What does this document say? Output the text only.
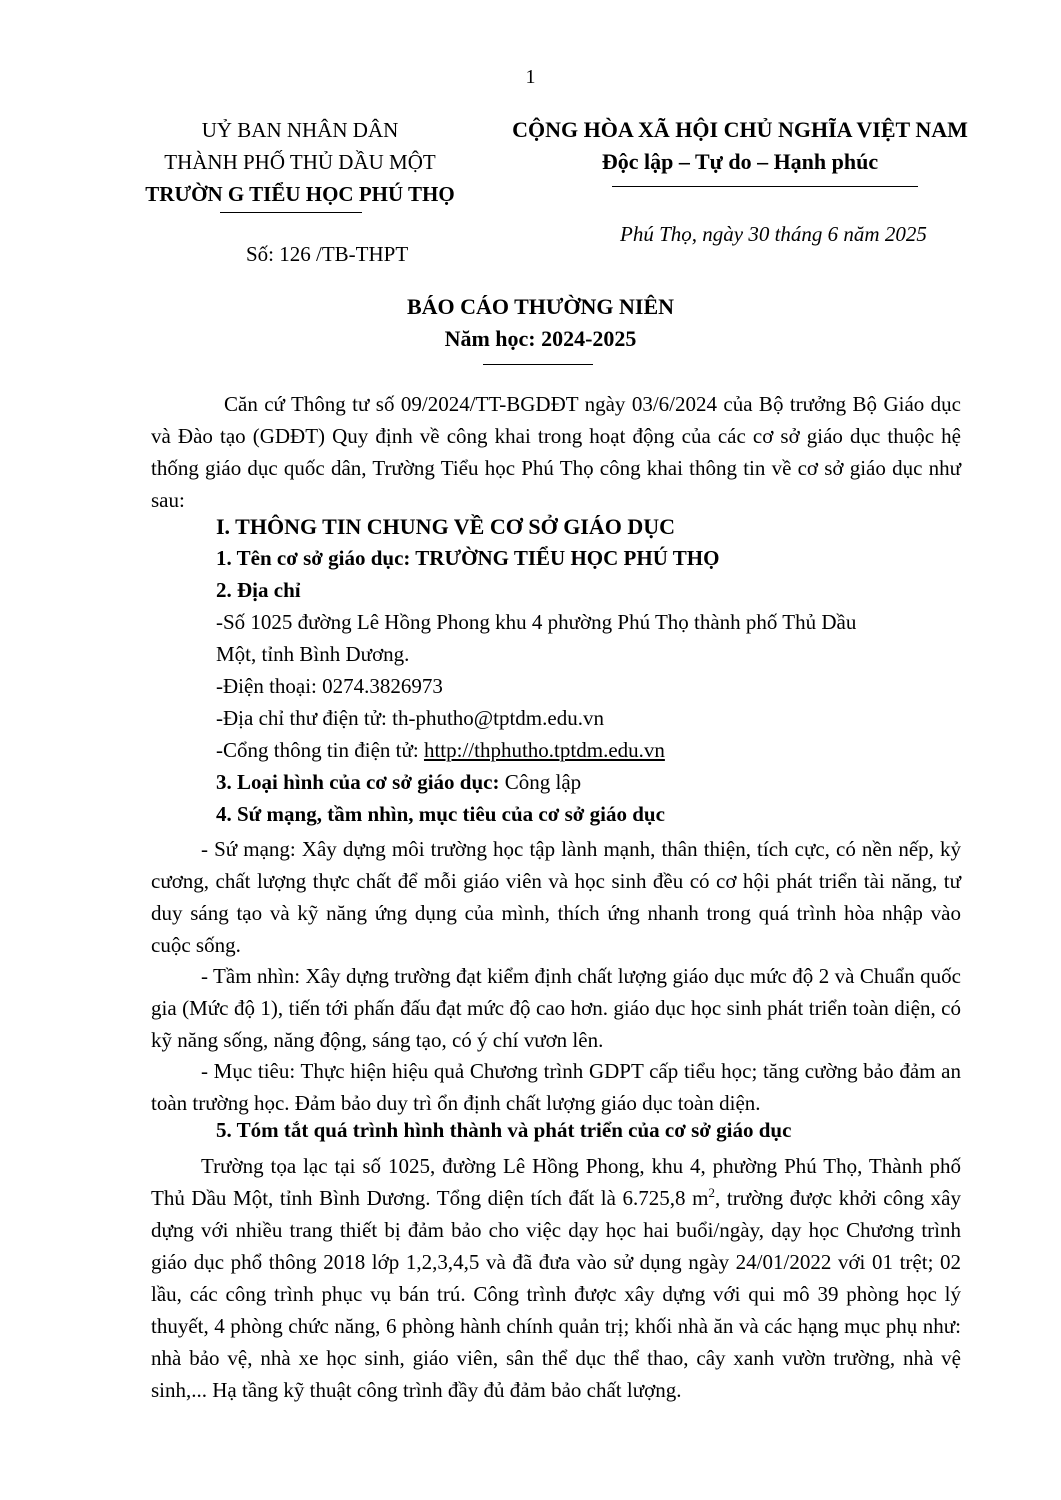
1
UỶ BAN NHÂN DÂN
THÀNH PHỐ THỦ DẦU MỘT
TRƯỜN G TIỂU HỌC PHÚ THỌ
CỘNG HÒA XÃ HỘI CHỦ NGHĨA VIỆT NAM
Độc lập – Tự do – Hạnh phúc
Số: 126 /TB-THPT
Phú Thọ, ngày 30 tháng 6 năm 2025
BÁO CÁO THƯỜNG NIÊN
Năm học: 2024-2025
Căn cứ Thông tư số 09/2024/TT-BGDĐT ngày 03/6/2024 của Bộ trưởng Bộ Giáo dục và Đào tạo (GDĐT) Quy định về công khai trong hoạt động của các cơ sở giáo dục thuộc hệ thống giáo dục quốc dân, Trường Tiểu học Phú Thọ công khai thông tin về cơ sở giáo dục như sau:
I. THÔNG TIN CHUNG VỀ CƠ SỞ GIÁO DỤC
1. Tên cơ sở giáo dục: TRƯỜNG TIỂU HỌC PHÚ THỌ
2. Địa chỉ
-Số 1025 đường Lê Hồng Phong khu 4 phường Phú Thọ thành phố Thủ Dầu
Một, tỉnh Bình Dương.
-Điện thoại: 0274.3826973
-Địa chỉ thư điện tử: th-phutho@tptdm.edu.vn
-Cổng thông tin điện tử: http://thphutho.tptdm.edu.vn
3. Loại hình của cơ sở giáo dục: Công lập
4. Sứ mạng, tầm nhìn, mục tiêu của cơ sở giáo dục
- Sứ mạng: Xây dựng môi trường học tập lành mạnh, thân thiện, tích cực, có nền nếp, kỷ cương, chất lượng thực chất để mỗi giáo viên và học sinh đều có cơ hội phát triển tài năng, tư duy sáng tạo và kỹ năng ứng dụng của mình, thích ứng nhanh trong quá trình hòa nhập vào cuộc sống.
- Tầm nhìn: Xây dựng trường đạt kiểm định chất lượng giáo dục mức độ 2 và Chuẩn quốc gia (Mức độ 1), tiến tới phấn đấu đạt mức độ cao hơn. giáo dục học sinh phát triển toàn diện, có kỹ năng sống, năng động, sáng tạo, có ý chí vươn lên.
- Mục tiêu: Thực hiện hiệu quả Chương trình GDPT cấp tiểu học; tăng cường bảo đảm an toàn trường học. Đảm bảo duy trì ổn định chất lượng giáo dục toàn diện.
5. Tóm tắt quá trình hình thành và phát triển của cơ sở giáo dục
Trường tọa lạc tại số 1025, đường Lê Hồng Phong, khu 4, phường Phú Thọ, Thành phố Thủ Dầu Một, tỉnh Bình Dương. Tổng diện tích đất là 6.725,8 $m^2$, trường được khởi công xây dựng với nhiều trang thiết bị đảm bảo cho việc dạy học hai buổi/ngày, dạy học Chương trình giáo dục phổ thông 2018 lớp 1,2,3,4,5 và đã đưa vào sử dụng ngày 24/01/2022 với 01 trệt; 02 lầu, các công trình phục vụ bán trú. Công trình được xây dựng với qui mô 39 phòng học lý thuyết, 4 phòng chức năng, 6 phòng hành chính quản trị; khối nhà ăn và các hạng mục phụ như: nhà bảo vệ, nhà xe học sinh, giáo viên, sân thể dục thể thao, cây xanh vườn trường, nhà vệ sinh,... Hạ tầng kỹ thuật công trình đầy đủ đảm bảo chất lượng.
